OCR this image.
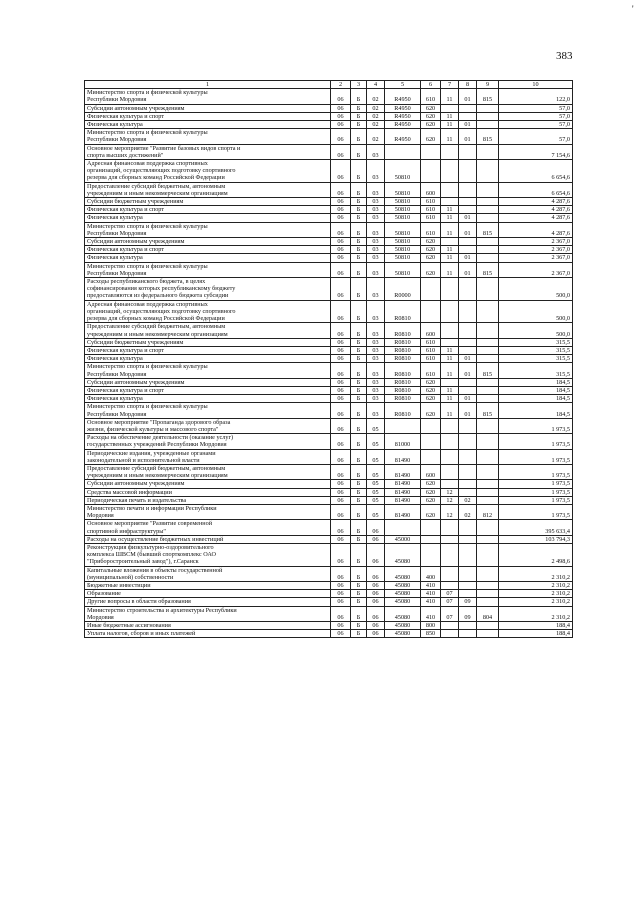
383
'
1	2	3	4	5	6	7	8	9	10

Министерство спорта и физической культуры
Республики Мордовия	06	Б	02	R4950	610	11	01	815	122,0

Субсидии автономным учреждениям	06	Б	02	R4950	620				57,0

Физическая культура и спорт	06	Б	02	R4950	620	11			57,0

Физическая культура	06	Б	02	R4950	620	11	01		57,0

Министерство спорта и физической культуры
Республики Мордовия	06	Б	02	R4950	620	11	01	815	57,0

Основное мероприятие "Развитие базовых видов спорта и
спорта высших достижений"	06	Б	03						7 154,6

Адресная финансовая поддержка спортивных
организаций, осуществляющих подготовку спортивного
резерва для сборных команд Российской Федерации	06	Б	03	50810					6 654,6

Предоставление субсидий бюджетным, автономным
учреждениям и иным некоммерческим организациям	06	Б	03	50810	600				6 654,6

Субсидии бюджетным учреждениям	06	Б	03	50810	610				4 287,6

Физическая культура и спорт	06	Б	03	50810	610	11			4 287,6

Физическая культура	06	Б	03	50810	610	11	01		4 287,6

Министерство спорта и физической культуры
Республики Мордовия	06	Б	03	50810	610	11	01	815	4 287,6

Субсидии автономным учреждениям	06	Б	03	50810	620				2 367,0

Физическая культура и спорт	06	Б	03	50810	620	11			2 367,0

Физическая культура	06	Б	03	50810	620	11	01		2 367,0

Министерство спорта и физической культуры
Республики Мордовия	06	Б	03	50810	620	11	01	815	2 367,0

Расходы республиканского бюджета, в целях
софинансирования которых республиканскому бюджету
предоставляются из федерального бюджета субсидии	06	Б	03	R0000					500,0

Адресная финансовая поддержка спортивных
организаций, осуществляющих подготовку спортивного
резерва для сборных команд Российской Федерации	06	Б	03	R0810					500,0

Предоставление субсидий бюджетным, автономным
учреждениям и иным некоммерческим организациям	06	Б	03	R0810	600				500,0

Субсидии бюджетным учреждениям	06	Б	03	R0810	610				315,5

Физическая культура и спорт	06	Б	03	R0810	610	11			315,5

Физическая культура	06	Б	03	R0810	610	11	01		315,5

Министерство спорта и физической культуры
Республики Мордовия	06	Б	03	R0810	610	11	01	815	315,5

Субсидии автономным учреждениям	06	Б	03	R0810	620				184,5

Физическая культура и спорт	06	Б	03	R0810	620	11			184,5

Физическая культура	06	Б	03	R0810	620	11	01		184,5

Министерство спорта и физической культуры
Республики Мордовия	06	Б	03	R0810	620	11	01	815	184,5

Основное мероприятие "Пропаганда здорового образа
жизни, физической культуры и массового спорта"	06	Б	05						1 973,5

Расходы на обеспечение деятельности (оказание услуг)
государственных учреждений Республики Мордовия	06	Б	05	81000					1 973,5

Периодические издания, учрежденные органами
законодательной и исполнительной власти	06	Б	05	81490					1 973,5

Предоставление субсидий бюджетным, автономным
учреждениям и иным некоммерческим организациям	06	Б	05	81490	600				1 973,5

Субсидии автономным учреждениям	06	Б	05	81490	620				1 973,5

Средства массовой информации	06	Б	05	81490	620	12			1 973,5

Периодическая печать и издательства	06	Б	05	81490	620	12	02		1 973,5

Министерство печати и информации Республики
Мордовия	06	Б	05	81490	620	12	02	812	1 973,5

Основное мероприятие "Развитие современной
спортивной инфраструктуры"	06	Б	06						395 633,4

Расходы на осуществление бюджетных инвестиций	06	Б	06	45000					103 794,3

Реконструкция физкультурно-оздоровительного
комплекса ШВСМ (бывший спорткомплекс ОАО
"Приборостроительный завод"), г.Саранск	06	Б	06	45080					2 498,6

Капитальные вложения в объекты государственной
(муниципальной) собственности	06	Б	06	45080	400				2 310,2

Бюджетные инвестиции	06	Б	06	45080	410				2 310,2

Образование	06	Б	06	45080	410	07			2 310,2

Другие вопросы в области образования	06	Б	06	45080	410	07	09		2 310,2

Министерство строительства и архитектуры Республики
Мордовия	06	Б	06	45080	410	07	09	804	2 310,2

Иные бюджетные ассигнования	06	Б	06	45080	800				188,4

Уплата налогов, сборов и иных платежей	06	Б	06	45080	850				188,4
